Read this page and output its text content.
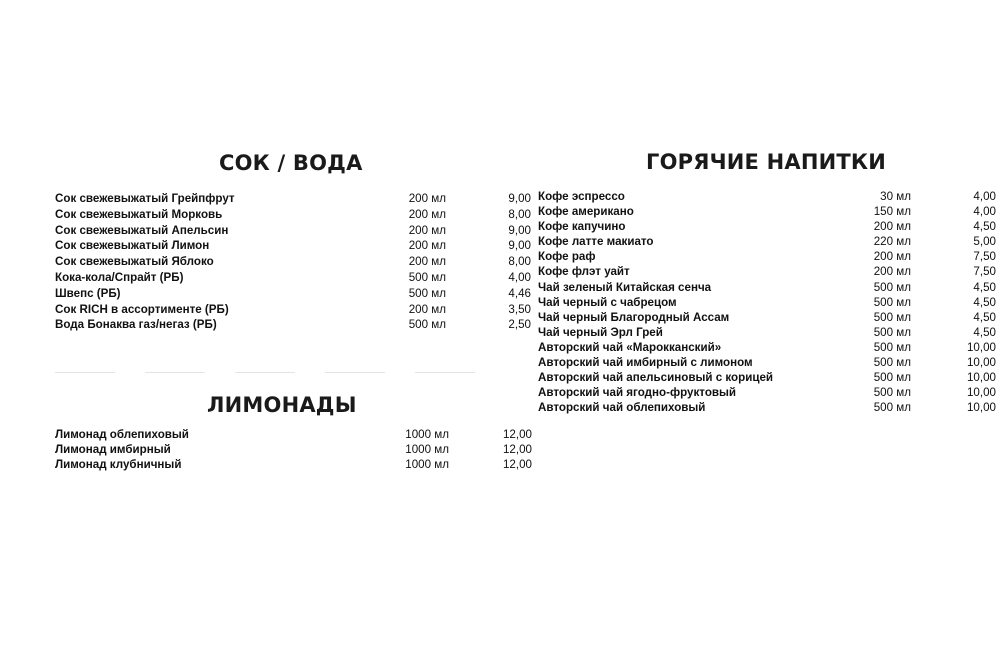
СОК / ВОДА
Сок свежевыжатый Грейпфрут	200 мл	9,00
Сок свежевыжатый Морковь	200 мл	8,00
Сок свежевыжатый Апельсин	200 мл	9,00
Сок свежевыжатый Лимон	200 мл	9,00
Сок свежевыжатый Яблоко	200 мл	8,00
Кока-кола/Спрайт (РБ)	500 мл	4,00
Швепс (РБ)	500 мл	4,46
Сок RICH в ассортименте (РБ)	200 мл	3,50
Вода Бонаква газ/негаз (РБ)	500 мл	2,50
ЛИМОНАДЫ
Лимонад облепиховый	1000 мл	12,00
Лимонад имбирный	1000 мл	12,00
Лимонад клубничный	1000 мл	12,00
ГОРЯЧИЕ НАПИТКИ
Кофе эспрессо	30 мл	4,00
Кофе американо	150 мл	4,00
Кофе капучино	200 мл	4,50
Кофе латте макиато	220 мл	5,00
Кофе раф	200 мл	7,50
Кофе флэт уайт	200 мл	7,50
Чай зеленый Китайская сенча	500 мл	4,50
Чай черный с чабрецом	500 мл	4,50
Чай черный Благородный Ассам	500 мл	4,50
Чай черный Эрл Грей	500 мл	4,50
Авторский чай «Марокканский»	500 мл	10,00
Авторский чай имбирный с лимоном	500 мл	10,00
Авторский чай апельсиновый с корицей	500 мл	10,00
Авторский чай ягодно-фруктовый	500 мл	10,00
Авторский чай облепиховый	500 мл	10,00
